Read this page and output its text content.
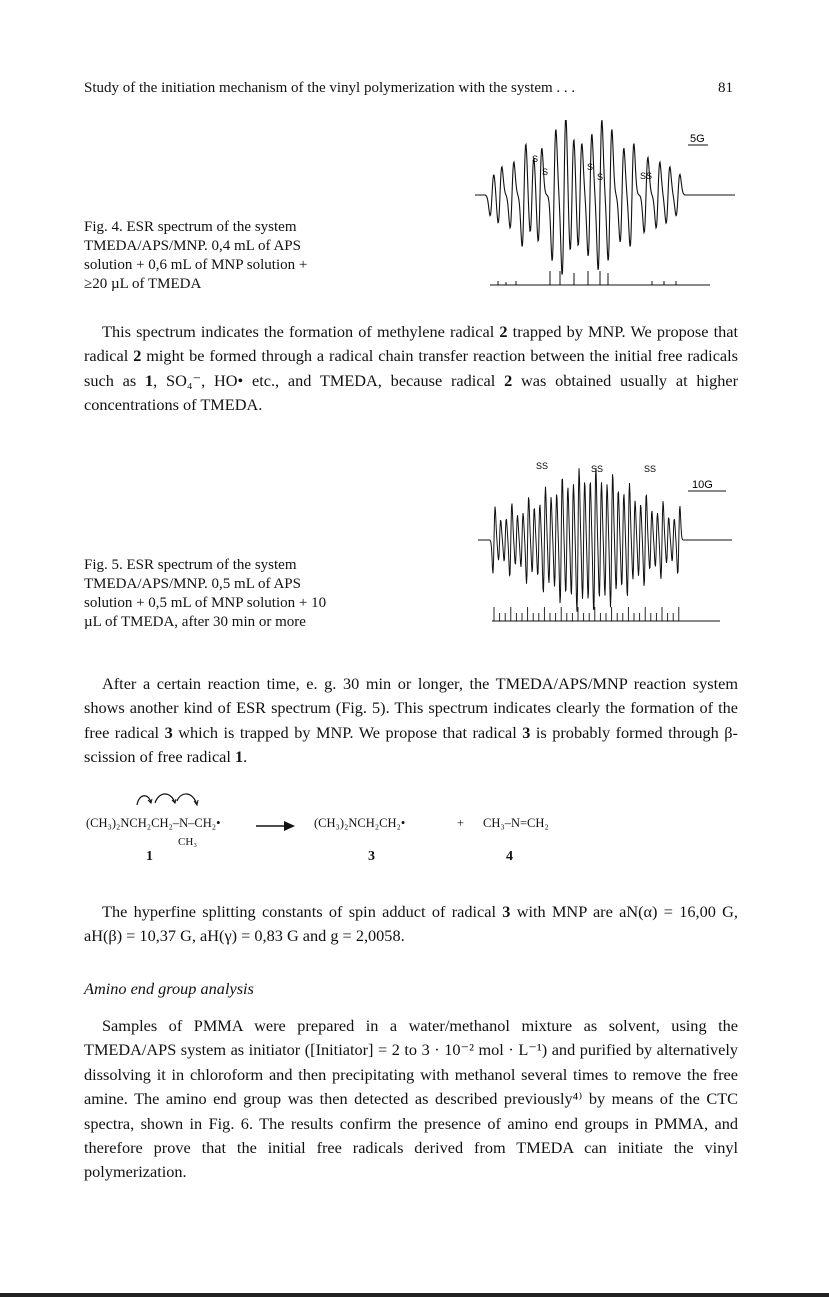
Study of the initiation mechanism of the vinyl polymerization with the system . . .	81
Fig. 4. ESR spectrum of the system
TMEDA/APS/MNP. 0,4 mL of APS
solution + 0,6 mL of MNP solution +
≥20 µL of TMEDA
5G
S
S	S
S	SS
This spectrum indicates the formation of methylene radical 2 trapped by MNP. We propose that radical 2 might be formed through a radical chain transfer reaction between the initial free radicals such as 1, SO₄⁻, HO• etc., and TMEDA, because radical 2 was obtained usually at higher concentrations of TMEDA.
Fig. 5. ESR spectrum of the system
TMEDA/APS/MNP. 0,5 mL of APS
solution + 0,5 mL of MNP solution + 10
µL of TMEDA, after 30 min or more
10G
SS	SS	SS
After a certain reaction time, e. g. 30 min or longer, the TMEDA/APS/MNP reaction system shows another kind of ESR spectrum (Fig. 5). This spectrum indicates clearly the formation of the free radical 3 which is trapped by MNP. We propose that radical 3 is probably formed through β-scission of free radical 1.
(CH₃)₂NCH₂CH₂–N–CH₂•
CH₃
→ (CH₃)₂NCH₂CH₂•	+ CH₃–N=CH₂
1	3	4
The hyperfine splitting constants of spin adduct of radical 3 with MNP are aN(α) = 16,00 G, aH(β) = 10,37 G, aH(γ) = 0,83 G and g = 2,0058.
Amino end group analysis
Samples of PMMA were prepared in a water/methanol mixture as solvent, using the TMEDA/APS system as initiator ([Initiator] = 2 to 3 · 10⁻² mol · L⁻¹) and purified by alternatively dissolving it in chloroform and then precipitating with methanol several times to remove the free amine. The amino end group was then detected as described previously⁴⁾ by means of the CTC spectra, shown in Fig. 6. The results confirm the presence of amino end groups in PMMA, and therefore prove that the initial free radicals derived from TMEDA can initiate the vinyl polymerization.
